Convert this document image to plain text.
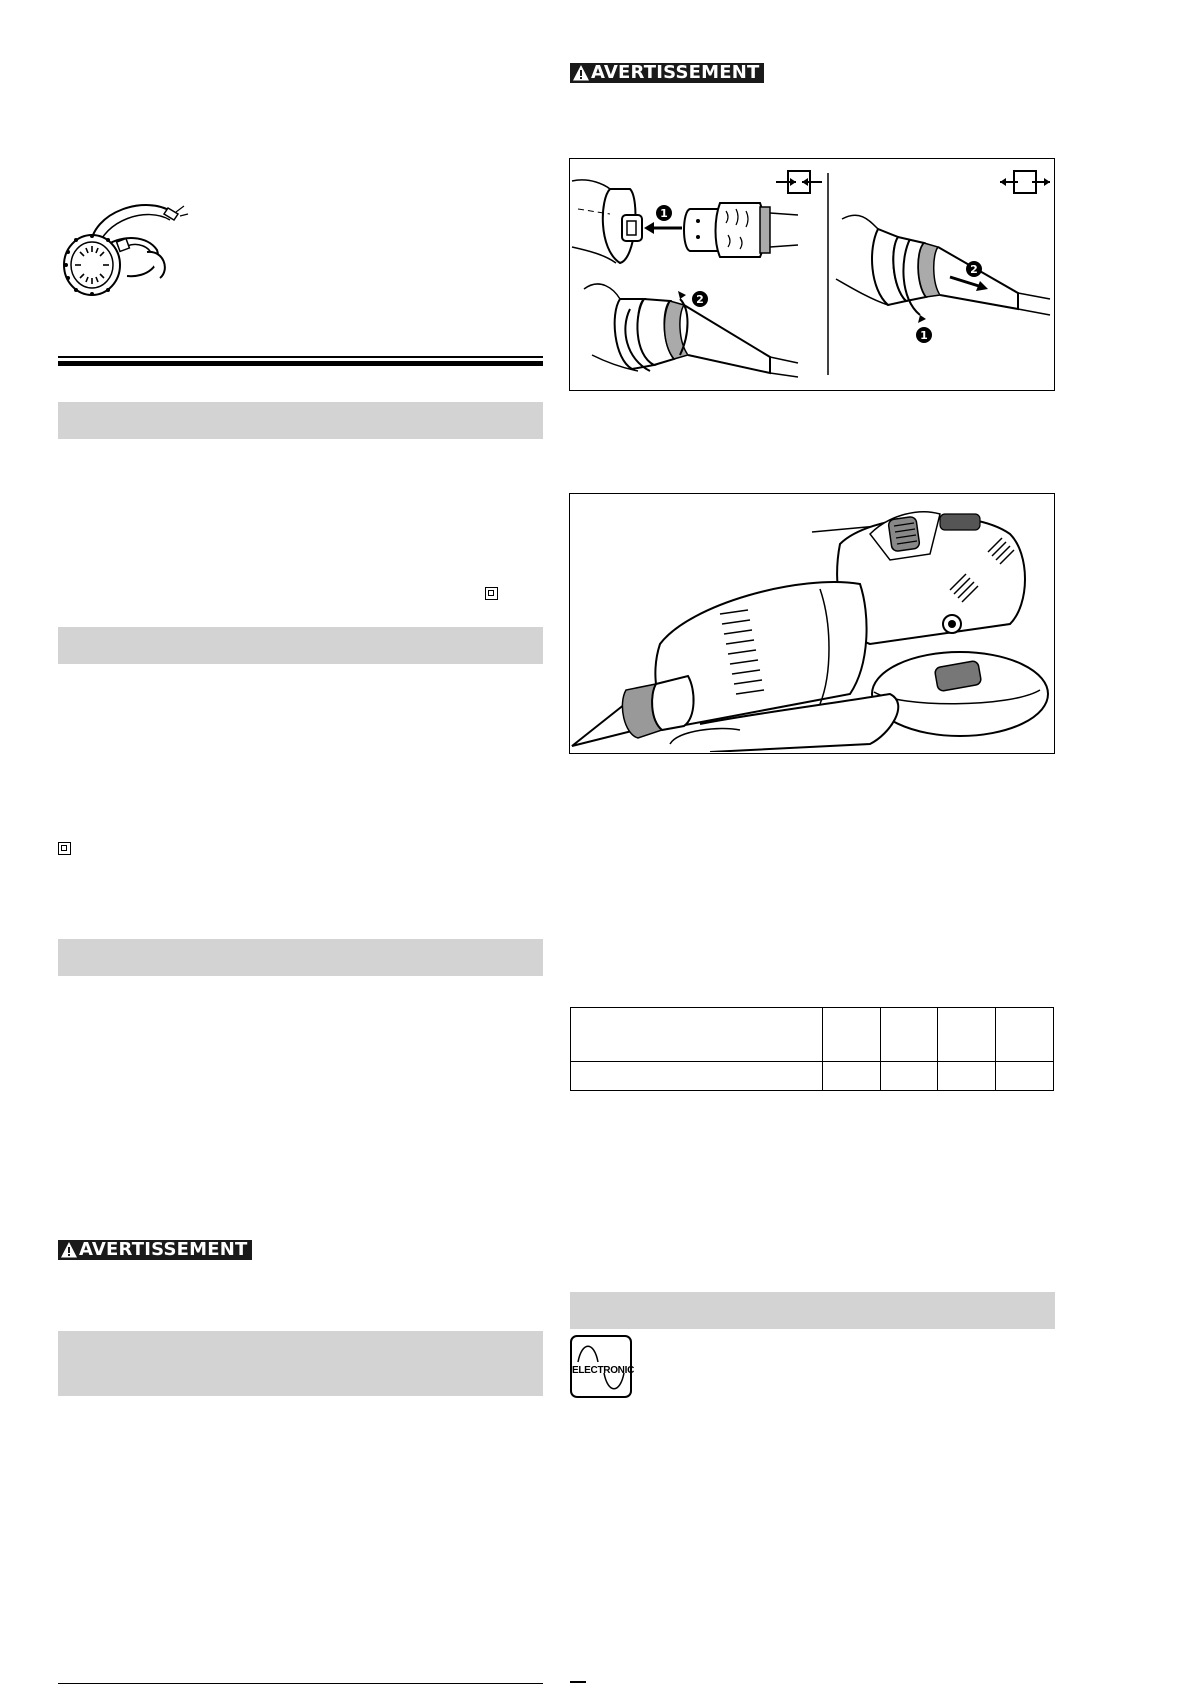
AVERTISSEMENT
AVERTISSEMENT
1
2
2
1

ELECTRONIC
